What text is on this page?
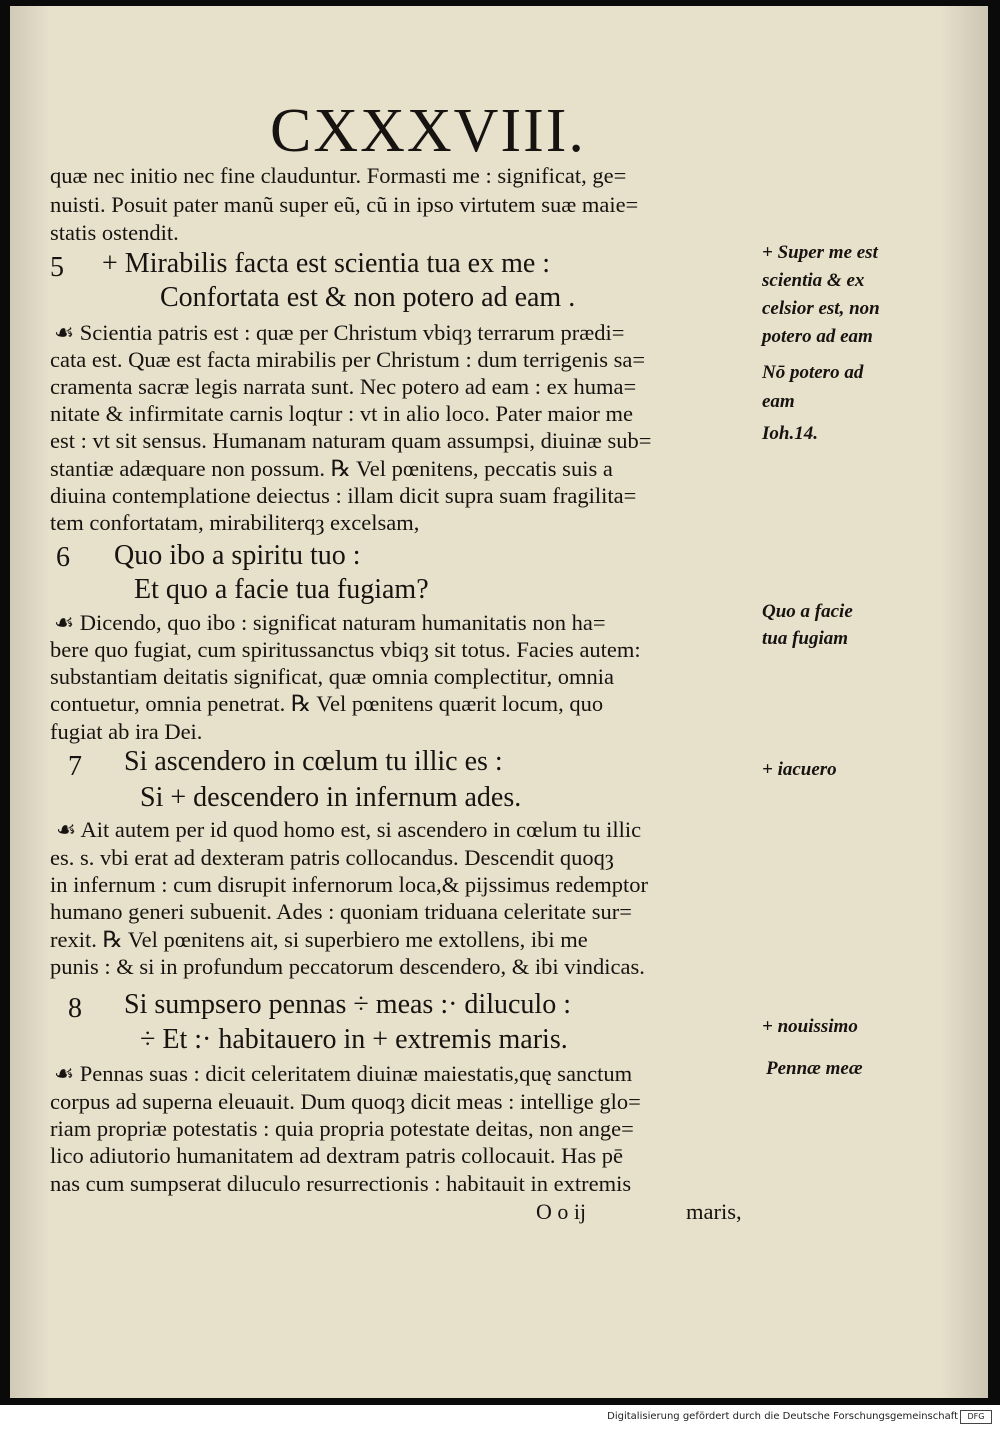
CXXXVIII.
quæ nec initio nec fine clauduntur. Formasti me : significat, ge=
nuisti. Posuit pater manũ super eũ, cũ in ipso virtutem suæ maie=
statis ostendit.
5 + Mirabilis facta est scientia tua ex me :
Confortata est & non potero ad eam .
☙ Scientia patris est : quæ per Christum vbiqȝ terrarum prædi=
cata est. Quæ est facta mirabilis per Christum : dum terrigenis sa=
cramenta sacræ legis narrata sunt. Nec potero ad eam : ex huma=
nitate & infirmitate carnis loqtur : vt in alio loco. Pater maior me
est : vt sit sensus. Humanam naturam quam assumpsi, diuinæ sub=
stantiæ adæquare non possum. ℞ Vel pœnitens, peccatis suis a
diuina contemplatione deiectus : illam dicit supra suam fragilita=
tem confortatam, mirabiliterqȝ excelsam,
6 Quo ibo a spiritu tuo :
Et quo a facie tua fugiam?
☙ Dicendo, quo ibo : significat naturam humanitatis non ha=
bere quo fugiat, cum spiritussanctus vbiqȝ sit totus. Facies autem:
substantiam deitatis significat, quæ omnia complectitur, omnia
contuetur, omnia penetrat. ℞ Vel pœnitens quærit locum, quo
fugiat ab ira Dei.
7 Si ascendero in cœlum tu illic es :
Si + descendero in infernum ades.
☙ Ait autem per id quod homo est, si ascendero in cœlum tu illic
es. s. vbi erat ad dexteram patris collocandus. Descendit quoqȝ
in infernum : cum disrupit infernorum loca,& pĳssimus redemptor
humano generi subuenit. Ades : quoniam triduana celeritate sur=
rexit. ℞ Vel pœnitens ait, si superbiero me extollens, ibi me
punis : & si in profundum peccatorum descendero, & ibi vindicas.
8 Si sumpsero pennas ÷ meas :· diluculo :
÷ Et :· habitauero in + extremis maris.
☙ Pennas suas : dicit celeritatem diuinæ maiestatis,quę sanctum
corpus ad superna eleuauit. Dum quoqȝ dicit meas : intellige glo=
riam propriæ potestatis : quia propria potestate deitas, non ange=
lico adiutorio humanitatem ad dextram patris collocauit. Has pē
nas cum sumpserat diluculo resurrectionis : habitauit in extremis
O o ĳ	maris,
+ Super me est
scientia & ex
celsior est, non
potero ad eam
Nō potero ad
eam
Ioh.14.
Quo a facie
tua fugiam
+ iacuero
+ nouissimo
Pennæ meæ
Digitalisierung gefördert durch die Deutsche Forschungsgemeinschaft	DFG
